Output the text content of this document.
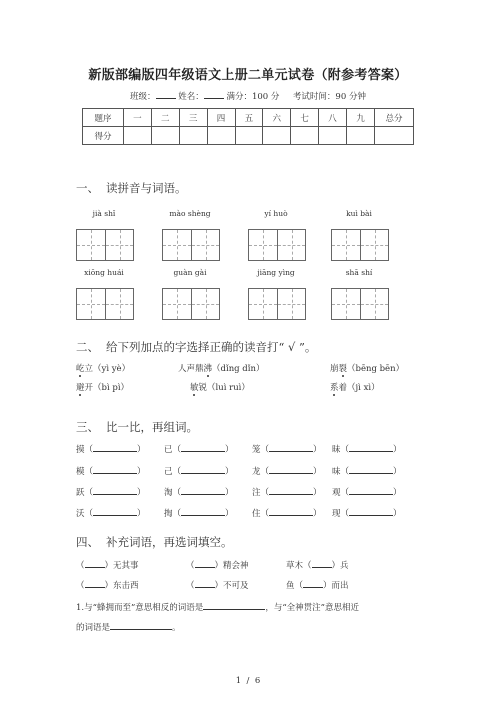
新版部编版四年级语文上册二单元试卷（附参考答案）
班级：	姓名：	满分：100 分 考试时间：90 分钟
题序	一	二	三	四	五	六	七	八	九	总分
得分										
一、 读拼音与词语。
jià shǐ	mào shèng	yí huò	kuì bài
xiōng huái	guàn gài	jiāng yìng	shā shí
二、 给下列加点的字选择正确的读音打“ √ ”。
屹立（yì yè）	人声鼎沸（dǐng dǐn）	崩裂（bēng bēn）
避开（bì pì）	敏锐（luì ruì）	系着（jì xì）
三、 比一比，再组词。
摸（	） 已（	） 笼（	） 昧（	）
模（	） 己（	） 龙（	） 味（	）
跃（	） 淘（	） 注（	） 观（	）
沃（	） 掏（	） 住（	） 现（	）
四、 补充词语，再选词填空。
（ ）无其事	（ ）精会神	草木（ ）兵
（ ）东击西	（ ）不可及	鱼（ ）而出
1.与“蜂拥而至”意思相反的词语是	，与“全神贯注”意思相近
的词语是	。
1  /  6
